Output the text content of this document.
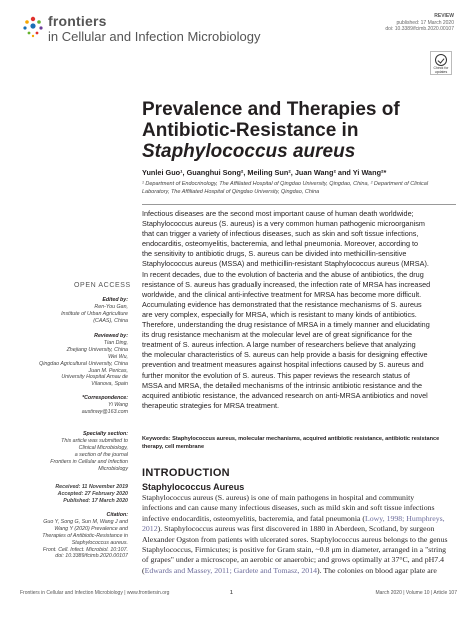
frontiers
in Cellular and Infection Microbiology
REVIEW
published: 17 March 2020
doi: 10.3389/fcimb.2020.00107
Check for updates
Prevalence and Therapies of
Antibiotic-Resistance in
Staphylococcus aureus
Yunlei Guo¹, Guanghui Song², Meiling Sun², Juan Wang² and Yi Wang²*
¹ Department of Endocrinology, The Affiliated Hospital of Qingdao University, Qingdao, China, ² Department of Clinical
Laboratory, The Affiliated Hospital of Qingdao University, Qingdao, China
Infectious diseases are the second most important cause of human death worldwide;
Staphylococcus aureus (S. aureus) is a very common human pathogenic microorganism
that can trigger a variety of infectious diseases, such as skin and soft tissue infections,
endocarditis, osteomyelitis, bacteremia, and lethal pneumonia. Moreover, according to
the sensitivity to antibiotic drugs, S. aureus can be divided into methicillin-sensitive
Staphylococcus aureus (MSSA) and methicillin-resistant Staphylococcus aureus (MRSA).
In recent decades, due to the evolution of bacteria and the abuse of antibiotics, the drug
resistance of S. aureus has gradually increased, the infection rate of MRSA has increased
worldwide, and the clinical anti-infective treatment for MRSA has become more difficult.
Accumulating evidence has demonstrated that the resistance mechanisms of S. aureus
are very complex, especially for MRSA, which is resistant to many kinds of antibiotics.
Therefore, understanding the drug resistance of MRSA in a timely manner and elucidating
its drug resistance mechanism at the molecular level are of great significance for the
treatment of S. aureus infection. A large number of researchers believe that analyzing
the molecular characteristics of S. aureus can help provide a basis for designing effective
prevention and treatment measures against hospital infections caused by S. aureus and
further monitor the evolution of S. aureus. This paper reviews the research status of
MSSA and MRSA, the detailed mechanisms of the intrinsic antibiotic resistance and the
acquired antibiotic resistance, the advanced research on anti-MRSA antibiotics and novel
therapeutic strategies for MRSA treatment.
Keywords: Staphylococcus aureus, molecular mechanisms, acquired antibiotic resistance, antibiotic resistance
therapy, cell membrane
OPEN ACCESS
Edited by:
Ren-You Gan,
Institute of Urban Agriculture
(CAAS), China
Reviewed by:
Tian Ding,
Zhejiang University, China
Wei Wu,
Qingdao Agricultural University, China
Juan M. Pericas,
University Hospital Arnau de
Vilanova, Spain
*Correspondence:
Yi Wang
austinwy@163.com
Specialty section:
This article was submitted to
Clinical Microbiology,
a section of the journal
Frontiers in Cellular and Infection
Microbiology
Received: 11 November 2019
Accepted: 27 February 2020
Published: 17 March 2020
Citation:
Guo Y, Song G, Sun M, Wang J and
Wang Y (2020) Prevalence and
Therapies of Antibiotic-Resistance in
Staphylococcus aureus.
Front. Cell. Infect. Microbiol. 10:107.
doi: 10.3389/fcimb.2020.00107
INTRODUCTION
Staphylococcus Aureus
Staphylococcus aureus (S. aureus) is one of main pathogens in hospital and community
infections and can cause many infectious diseases, such as mild skin and soft tissue infections
infective endocarditis, osteomyelitis, bacteremia, and fatal pneumonia (Lowy, 1998; Humphreys,
2012). Staphylococcus aureus was first discovered in 1880 in Aberdeen, Scotland, by surgeon
Alexander Ogston from patients with ulcerated sores. Staphylococcus aureus belongs to the genus
Staphylococcus, Firmicutes; is positive for Gram stain, ~0.8 μm in diameter, arranged in a "string
of grapes" under a microscope, an aerobic or anaerobic; and grows optimally at 37°C, and pH7.4
(Edwards and Massey, 2011; Gardete and Tomasz, 2014). The colonies on blood agar plate are
Frontiers in Cellular and Infection Microbiology | www.frontiersin.org	1	March 2020 | Volume 10 | Article 107
